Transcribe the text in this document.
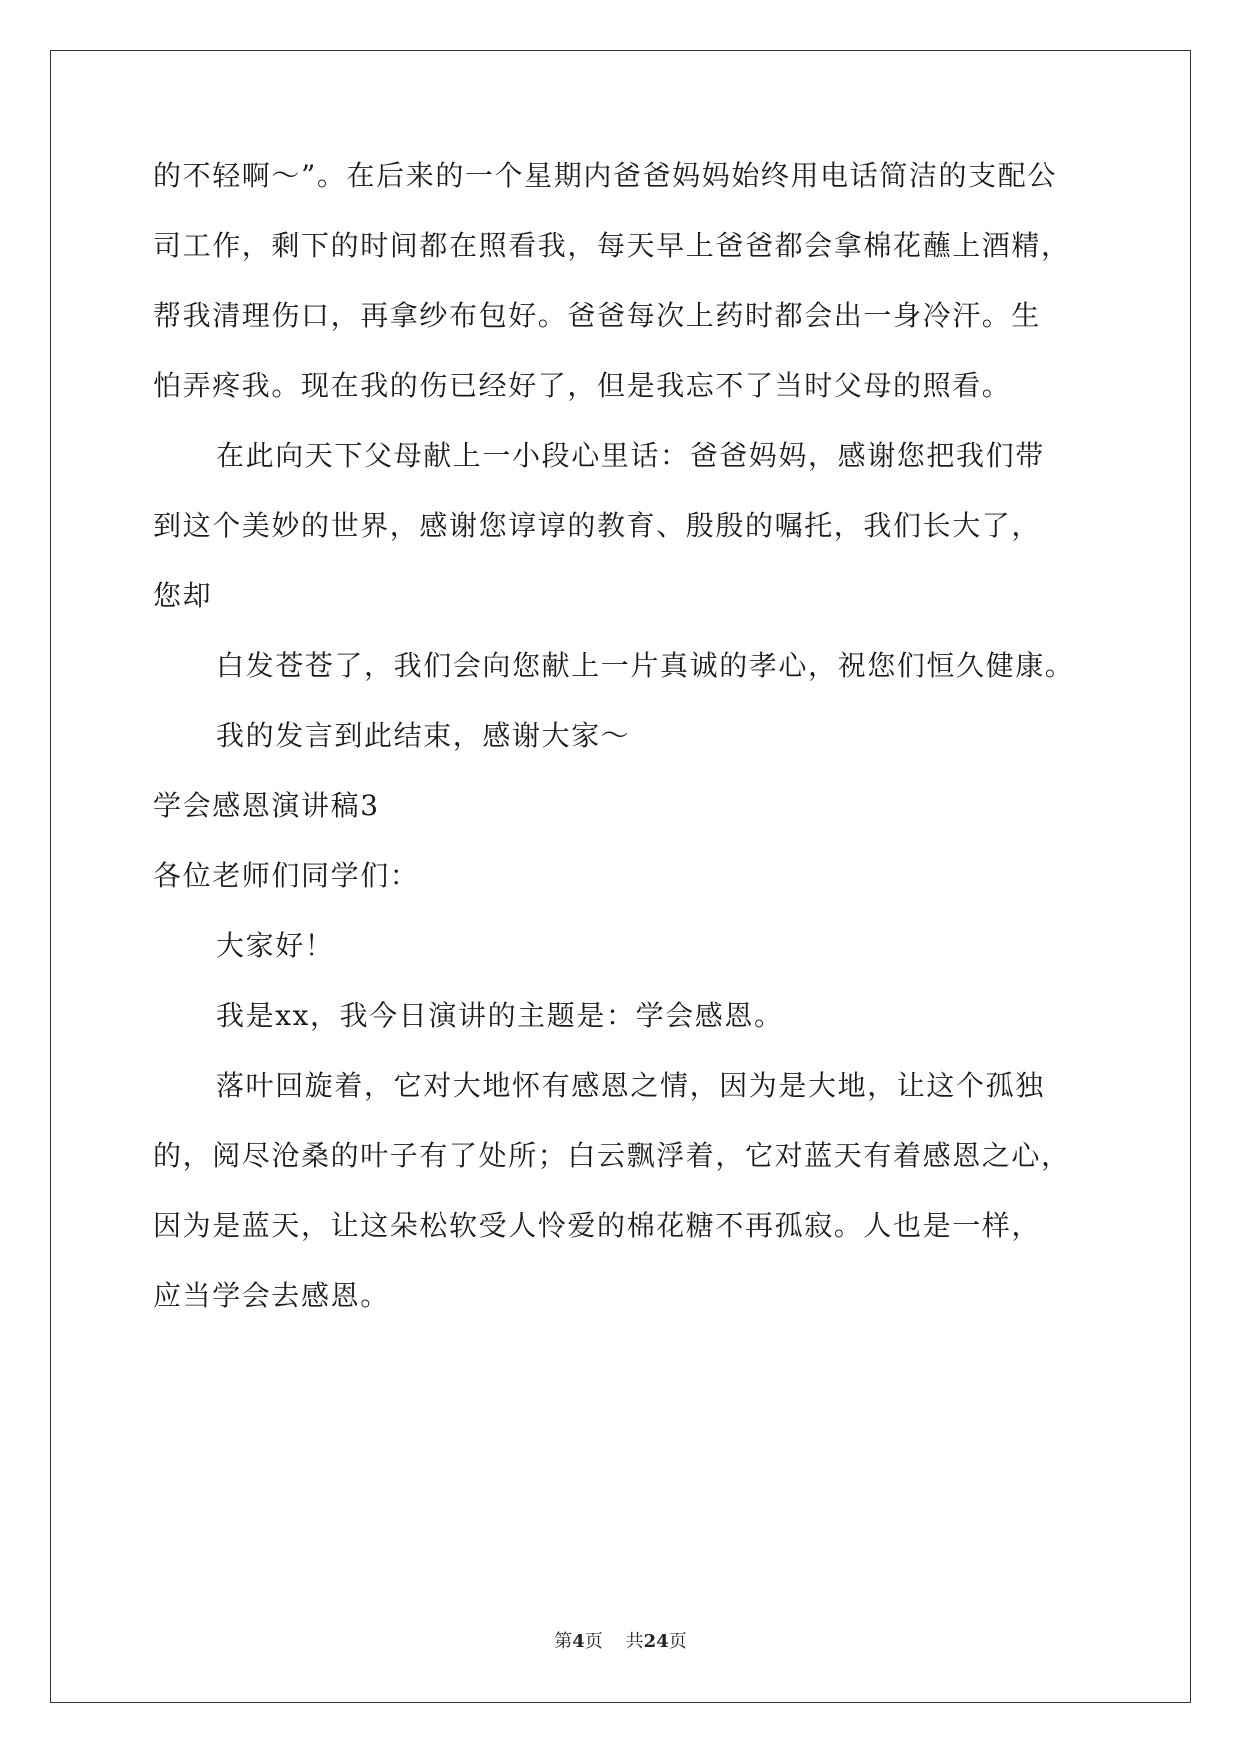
的不轻啊～”。在后来的一个星期内爸爸妈妈始终用电话简洁的支配公
司工作，剩下的时间都在照看我，每天早上爸爸都会拿棉花蘸上酒精，
帮我清理伤口，再拿纱布包好。爸爸每次上药时都会出一身冷汗。生
怕弄疼我。现在我的伤已经好了，但是我忘不了当时父母的照看。
在此向天下父母献上一小段心里话：爸爸妈妈，感谢您把我们带
到这个美妙的世界，感谢您谆谆的教育、殷殷的嘱托，我们长大了，
您却
白发苍苍了，我们会向您献上一片真诚的孝心，祝您们恒久健康。
我的发言到此结束，感谢大家～
学会感恩演讲稿3
各位老师们同学们：
大家好！
我是xx，我今日演讲的主题是：学会感恩。
落叶回旋着，它对大地怀有感恩之情，因为是大地，让这个孤独
的，阅尽沧桑的叶子有了处所；白云飘浮着，它对蓝天有着感恩之心，
因为是蓝天，让这朵松软受人怜爱的棉花糖不再孤寂。人也是一样，
应当学会去感恩。
第4页 共24页
